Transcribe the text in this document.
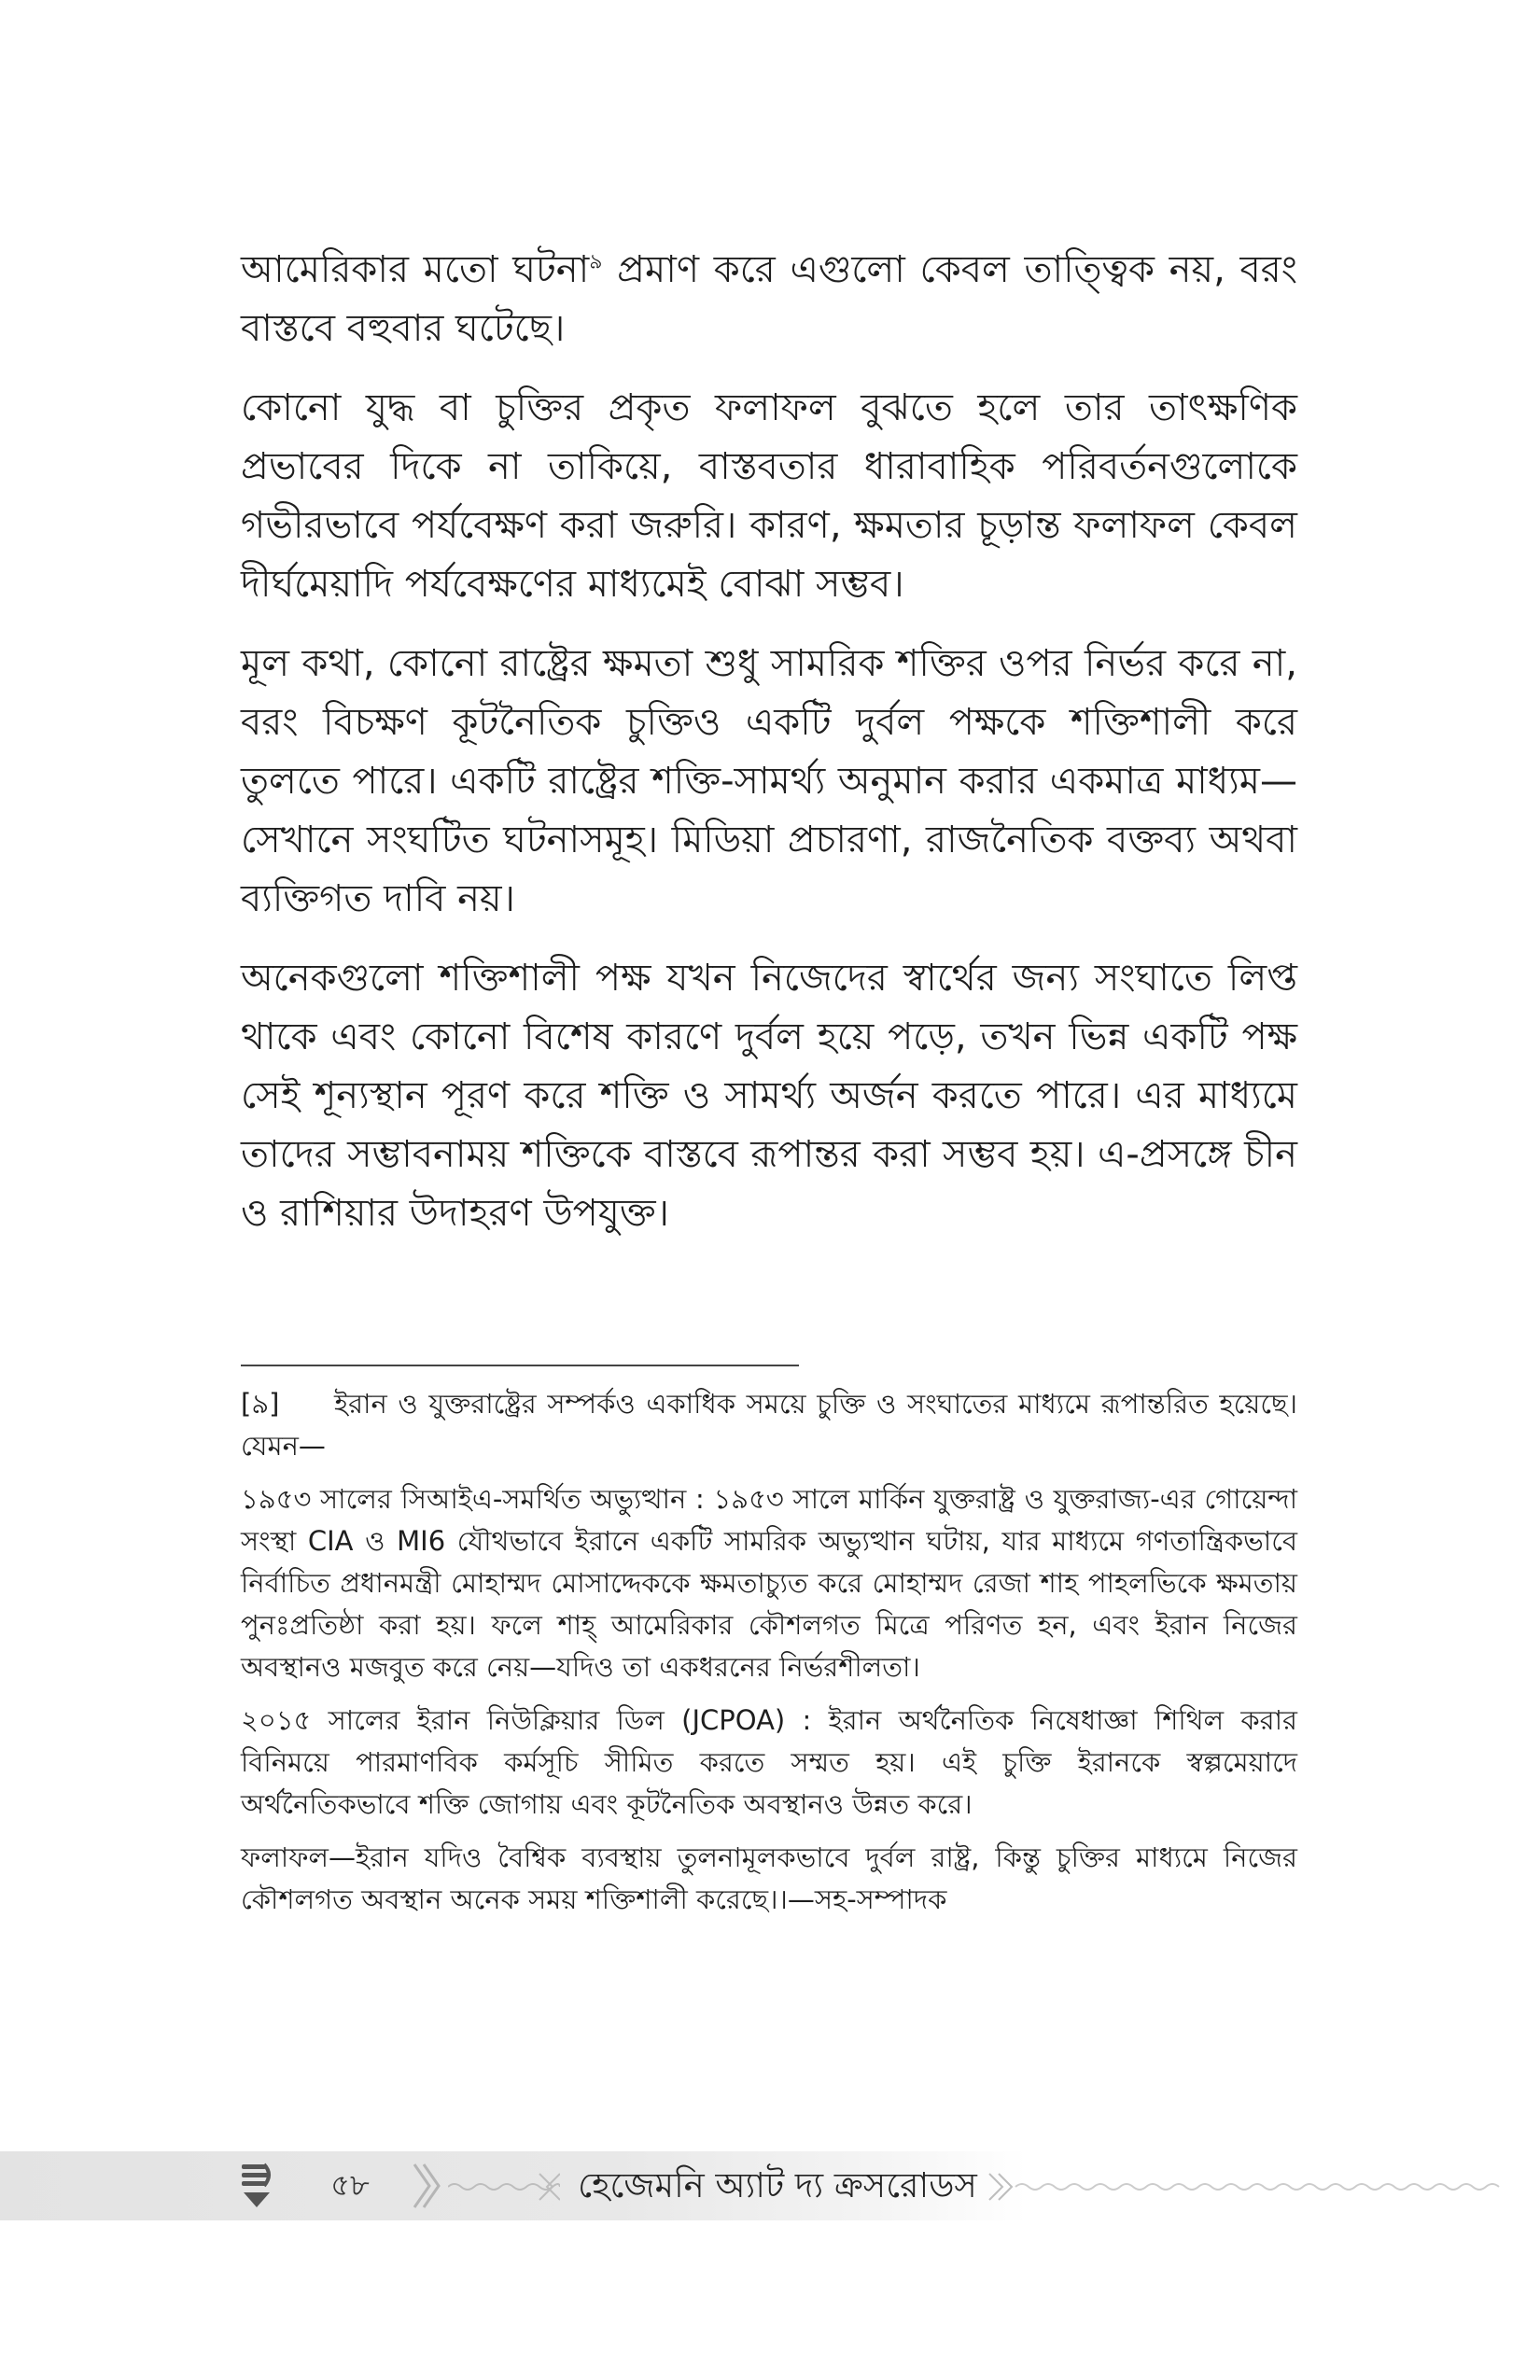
আমেরিকার মতো ঘটনা$^৯$ প্রমাণ করে এগুলো কেবল তাত্ত্বিক নয়, বরং বাস্তবে বহুবার ঘটেছে।

কোনো যুদ্ধ বা চুক্তির প্রকৃত ফলাফল বুঝতে হলে তার তাৎক্ষণিক প্রভাবের দিকে না তাকিয়ে, বাস্তবতার ধারাবাহিক পরিবর্তনগুলোকে গভীরভাবে পর্যবেক্ষণ করা জরুরি। কারণ, ক্ষমতার চূড়ান্ত ফলাফল কেবল দীর্ঘমেয়াদি পর্যবেক্ষণের মাধ্যমেই বোঝা সম্ভব।

মূল কথা, কোনো রাষ্ট্রের ক্ষমতা শুধু সামরিক শক্তির ওপর নির্ভর করে না, বরং বিচক্ষণ কূটনৈতিক চুক্তিও একটি দুর্বল পক্ষকে শক্তিশালী করে তুলতে পারে। একটি রাষ্ট্রের শক্তি-সামর্থ্য অনুমান করার একমাত্র মাধ্যম—সেখানে সংঘটিত ঘটনাসমূহ। মিডিয়া প্রচারণা, রাজনৈতিক বক্তব্য অথবা ব্যক্তিগত দাবি নয়।

অনেকগুলো শক্তিশালী পক্ষ যখন নিজেদের স্বার্থের জন্য সংঘাতে লিপ্ত থাকে এবং কোনো বিশেষ কারণে দুর্বল হয়ে পড়ে, তখন ভিন্ন একটি পক্ষ সেই শূন্যস্থান পূরণ করে শক্তি ও সামর্থ্য অর্জন করতে পারে। এর মাধ্যমে তাদের সম্ভাবনাময় শক্তিকে বাস্তবে রূপান্তর করা সম্ভব হয়। এ-প্রসঙ্গে চীন ও রাশিয়ার উদাহরণ উপযুক্ত।

[৯] ইরান ও যুক্তরাষ্ট্রের সম্পর্কও একাধিক সময়ে চুক্তি ও সংঘাতের মাধ্যমে রূপান্তরিত হয়েছে। যেমন—

১৯৫৩ সালের সিআইএ-সমর্থিত অভ্যুত্থান : ১৯৫৩ সালে মার্কিন যুক্তরাষ্ট্র ও যুক্তরাজ্য-এর গোয়েন্দা সংস্থা CIA ও MI6 যৌথভাবে ইরানে একটি সামরিক অভ্যুত্থান ঘটায়, যার মাধ্যমে গণতান্ত্রিকভাবে নির্বাচিত প্রধানমন্ত্রী মোহাম্মদ মোসাদ্দেককে ক্ষমতাচ্যুত করে মোহাম্মদ রেজা শাহ পাহলভিকে ক্ষমতায় পুনঃপ্রতিষ্ঠা করা হয়। ফলে শাহ্ আমেরিকার কৌশলগত মিত্রে পরিণত হন, এবং ইরান নিজের অবস্থানও মজবুত করে নেয়—যদিও তা একধরনের নির্ভরশীলতা।

২০১৫ সালের ইরান নিউক্লিয়ার ডিল (JCPOA) : ইরান অর্থনৈতিক নিষেধাজ্ঞা শিথিল করার বিনিময়ে পারমাণবিক কর্মসূচি সীমিত করতে সম্মত হয়। এই চুক্তি ইরানকে স্বল্পমেয়াদে অর্থনৈতিকভাবে শক্তি জোগায় এবং কূটনৈতিক অবস্থানও উন্নত করে।

ফলাফল—ইরান যদিও বৈশ্বিক ব্যবস্থায় তুলনামূলকভাবে দুর্বল রাষ্ট্র, কিন্তু চুক্তির মাধ্যমে নিজের কৌশলগত অবস্থান অনেক সময় শক্তিশালী করেছে।।—সহ-সম্পাদক

৫৮	হেজেমনি অ্যাট দ্য ক্রসরোডস
